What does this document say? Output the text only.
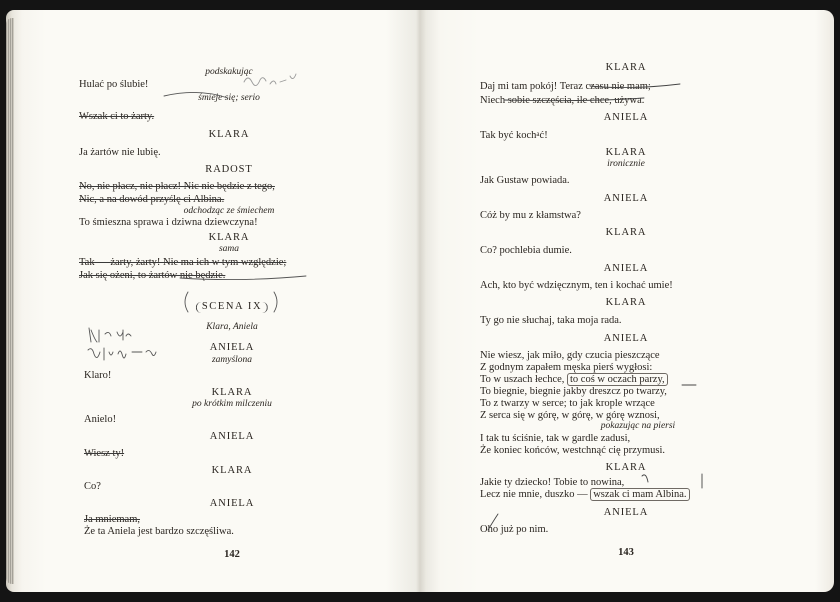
Hulać po ślubie!
podskakując
śmieje się; serio
Wszak ci to żarty.
KLARA
Ja żartów nie lubię.
RADOST
No, nie płacz, nie płacz! Nic nie będzie z tego,
Nic, a na dowód przyślę ci Albina.
odchodząc ze śmiechem
To śmieszna sprawa i dziwna dziewczyna!
KLARA
sama
Tak — żarty, żarty! Nie ma ich w tym względzie;
Jak się ożeni, to żartów nie będzie.
SCENA IX
Klara, Aniela
ANIELA
zamyślona
Klaro!
KLARA
po krótkim milczeniu
Anielo!
ANIELA
Wiesz ty!
KLARA
Co?
ANIELA
Ja mniemam,
Że ta Aniela jest bardzo szczęśliwa.
142
KLARA
Daj mi tam pokój! Teraz czasu nie mam;
Niech sobie szczęścia, ile chce, używa.
ANIELA
Tak być kochać!
KLARA
ironicznie
Jak Gustaw powiada.
ANIELA
Cóż by mu z kłamstwa?
KLARA
Co? pochlebia dumie.
ANIELA
Ach, kto być wdzięcznym, ten i kochać umie!
KLARA
Ty go nie słuchaj, taka moja rada.
ANIELA
Nie wiesz, jak miło, gdy czucia pieszczące
Z godnym zapałem męska pierś wygłosi:
To w uszach łechce, to coś w oczach parzy,
To biegnie, biegnie jakby dreszcz po twarzy,
To z twarzy w serce; to jak krople wrzące
Z serca się w górę, w górę, w górę wznosi,
pokazując na piersi
I tak tu ściśnie, tak w gardle zadusi,
Że koniec końców, westchnąć cię przymusi.
KLARA
Jakie ty dziecko! Tobie to nowina,
Lecz nie mnie, duszko — wszak ci mam Albina.
ANIELA
Oho już po nim.
143
